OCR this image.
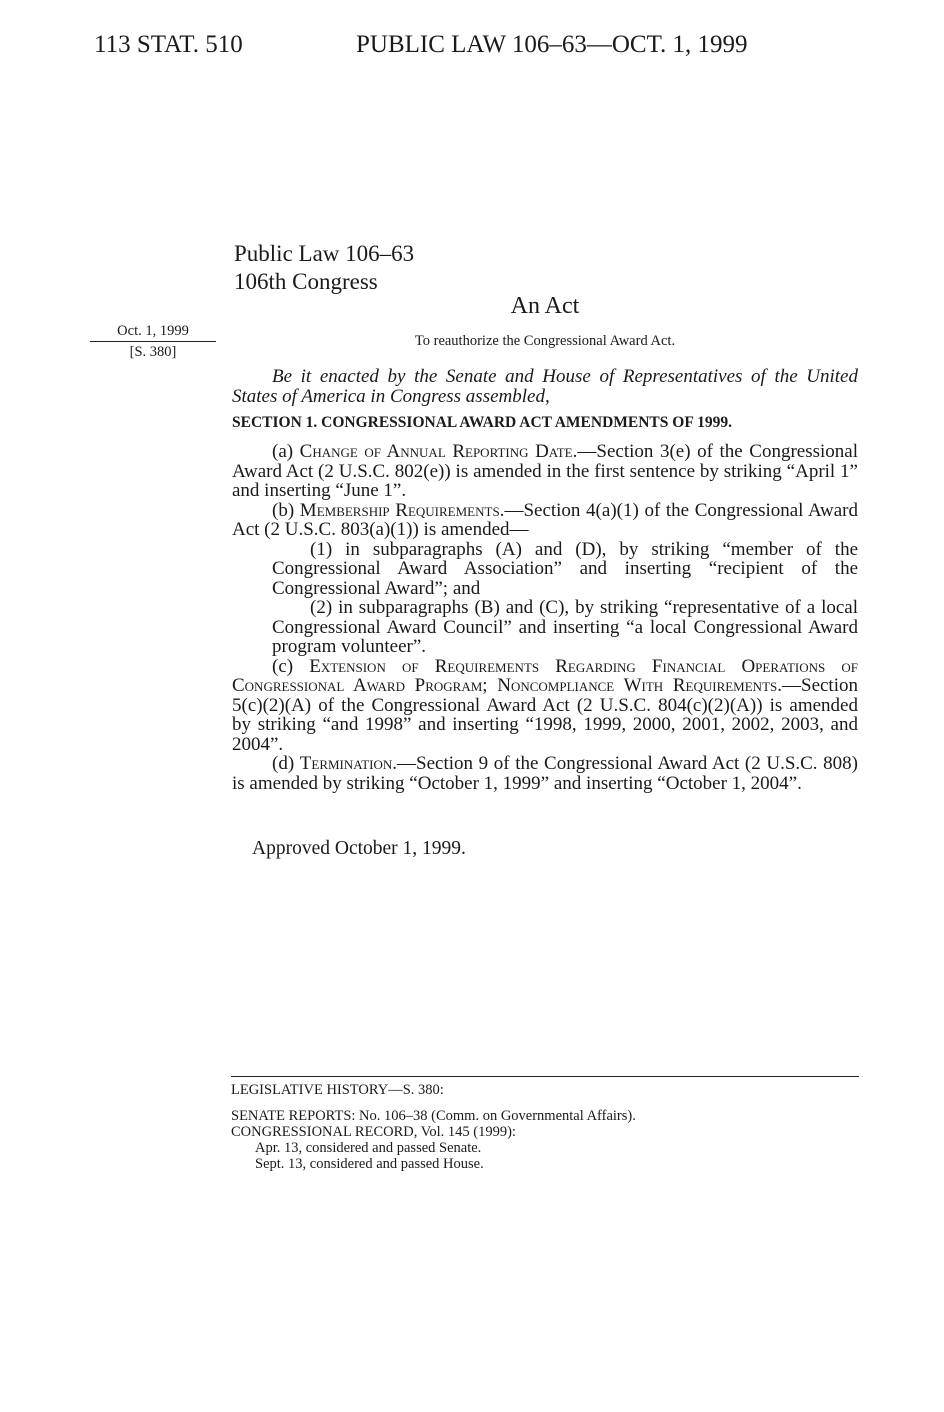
113 STAT. 510	PUBLIC LAW 106–63—OCT. 1, 1999
Public Law 106–63
106th Congress
An Act
Oct. 1, 1999
[S. 380]
To reauthorize the Congressional Award Act.

Be it enacted by the Senate and House of Representatives of the United States of America in Congress assembled,

SECTION 1. CONGRESSIONAL AWARD ACT AMENDMENTS OF 1999.

(a) Change of Annual Reporting Date.—Section 3(e) of the Congressional Award Act (2 U.S.C. 802(e)) is amended in the first sentence by striking “April 1” and inserting “June 1”.

(b) Membership Requirements.—Section 4(a)(1) of the Congressional Award Act (2 U.S.C. 803(a)(1)) is amended—

(1) in subparagraphs (A) and (D), by striking “member of the Congressional Award Association” and inserting “recipient of the Congressional Award”; and

(2) in subparagraphs (B) and (C), by striking “representative of a local Congressional Award Council” and inserting “a local Congressional Award program volunteer”.

(c) Extension of Requirements Regarding Financial Operations of Congressional Award Program; Noncompliance With Requirements.—Section 5(c)(2)(A) of the Congressional Award Act (2 U.S.C. 804(c)(2)(A)) is amended by striking “and 1998” and inserting “1998, 1999, 2000, 2001, 2002, 2003, and 2004”.

(d) Termination.—Section 9 of the Congressional Award Act (2 U.S.C. 808) is amended by striking “October 1, 1999” and inserting “October 1, 2004”.

Approved October 1, 1999.
LEGISLATIVE HISTORY—S. 380:
SENATE REPORTS: No. 106–38 (Comm. on Governmental Affairs).
CONGRESSIONAL RECORD, Vol. 145 (1999):
Apr. 13, considered and passed Senate.
Sept. 13, considered and passed House.
